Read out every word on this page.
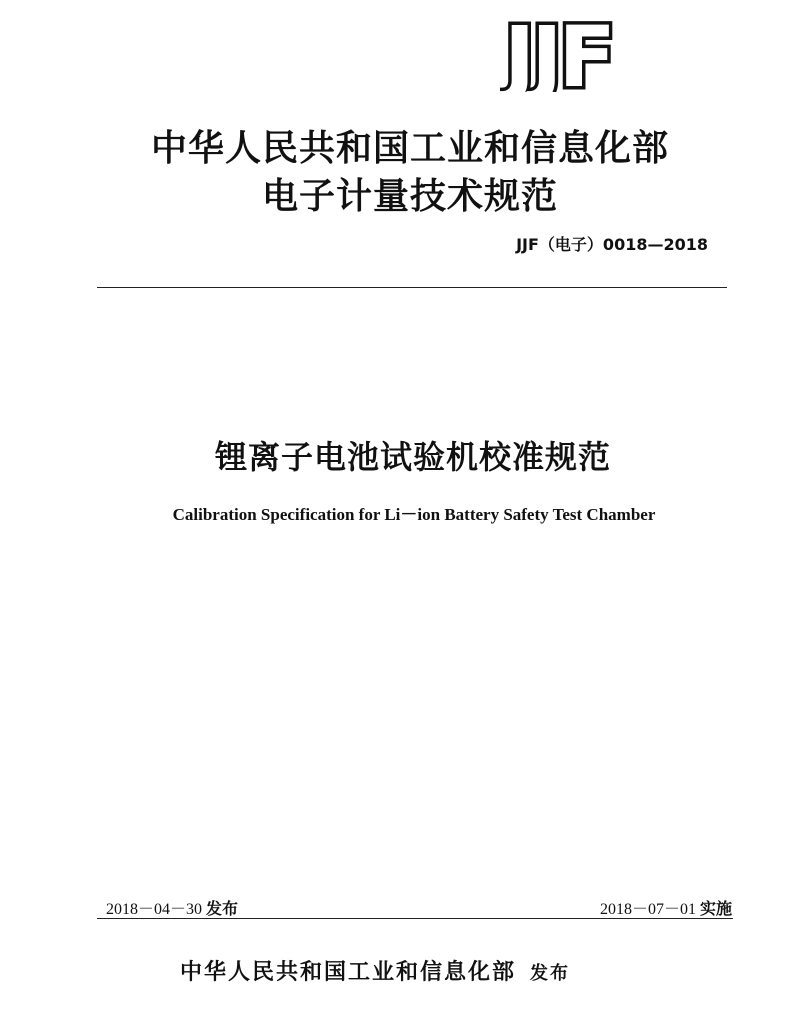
JJF
中华人民共和国工业和信息化部
电子计量技术规范
JJF（电子）0018—2018
锂离子电池试验机校准规范
Calibration Specification for Li－ion Battery Safety Test Chamber
2018－04－30 发布	2018－07－01 实施
中华人民共和国工业和信息化部 发布
